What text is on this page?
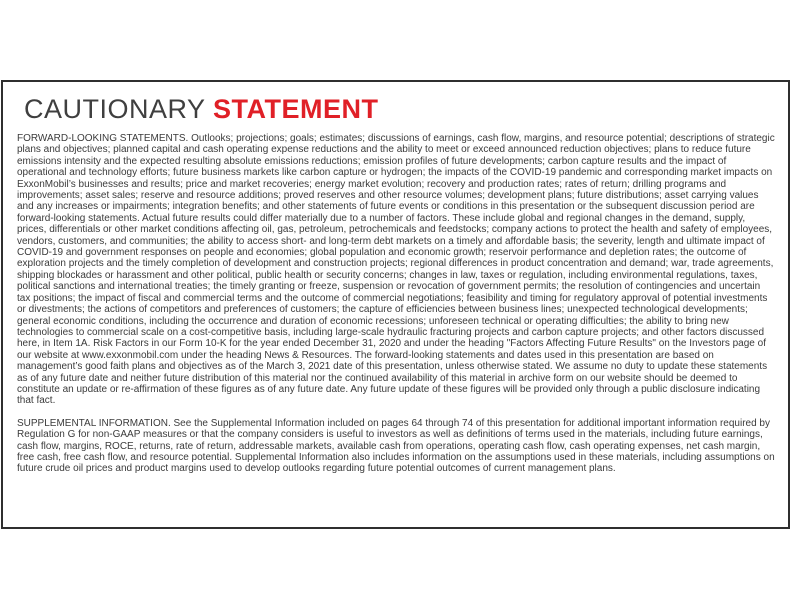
CAUTIONARY STATEMENT

FORWARD-LOOKING STATEMENTS. Outlooks; projections; goals; estimates; discussions of earnings, cash flow, margins, and resource potential; descriptions of strategic plans and objectives; planned capital and cash operating expense reductions and the ability to meet or exceed announced reduction objectives; plans to reduce future emissions intensity and the expected resulting absolute emissions reductions; emission profiles of future developments; carbon capture results and the impact of operational and technology efforts; future business markets like carbon capture or hydrogen; the impacts of the COVID-19 pandemic and corresponding market impacts on ExxonMobil’s businesses and results; price and market recoveries; energy market evolution; recovery and production rates; rates of return; drilling programs and improvements; asset sales; reserve and resource additions; proved reserves and other resource volumes; development plans; future distributions; asset carrying values and any increases or impairments; integration benefits; and other statements of future events or conditions in this presentation or the subsequent discussion period are forward-looking statements. Actual future results could differ materially due to a number of factors. These include global and regional changes in the demand, supply, prices, differentials or other market conditions affecting oil, gas, petroleum, petrochemicals and feedstocks; company actions to protect the health and safety of employees, vendors, customers, and communities; the ability to access short- and long-term debt markets on a timely and affordable basis; the severity, length and ultimate impact of COVID-19 and government responses on people and economies; global population and economic growth; reservoir performance and depletion rates; the outcome of exploration projects and the timely completion of development and construction projects; regional differences in product concentration and demand; war, trade agreements, shipping blockades or harassment and other political, public health or security concerns; changes in law, taxes or regulation, including environmental regulations, taxes, political sanctions and international treaties; the timely granting or freeze, suspension or revocation of government permits; the resolution of contingencies and uncertain tax positions; the impact of fiscal and commercial terms and the outcome of commercial negotiations; feasibility and timing for regulatory approval of potential investments or divestments; the actions of competitors and preferences of customers; the capture of efficiencies between business lines; unexpected technological developments; general economic conditions, including the occurrence and duration of economic recessions; unforeseen technical or operating difficulties; the ability to bring new technologies to commercial scale on a cost-competitive basis, including large-scale hydraulic fracturing projects and carbon capture projects; and other factors discussed here, in Item 1A. Risk Factors in our Form 10-K for the year ended December 31, 2020 and under the heading "Factors Affecting Future Results" on the Investors page of our website at www.exxonmobil.com under the heading News & Resources. The forward-looking statements and dates used in this presentation are based on management’s good faith plans and objectives as of the March 3, 2021 date of this presentation, unless otherwise stated. We assume no duty to update these statements as of any future date and neither future distribution of this material nor the continued availability of this material in archive form on our website should be deemed to constitute an update or re-affirmation of these figures as of any future date. Any future update of these figures will be provided only through a public disclosure indicating that fact.

SUPPLEMENTAL INFORMATION. See the Supplemental Information included on pages 64 through 74 of this presentation for additional important information required by Regulation G for non-GAAP measures or that the company considers is useful to investors as well as definitions of terms used in the materials, including future earnings, cash flow, margins, ROCE, returns, rate of return, addressable markets, available cash from operations, operating cash flow, cash operating expenses, net cash margin, free cash, free cash flow, and resource potential. Supplemental Information also includes information on the assumptions used in these materials, including assumptions on future crude oil prices and product margins used to develop outlooks regarding future potential outcomes of current management plans.
